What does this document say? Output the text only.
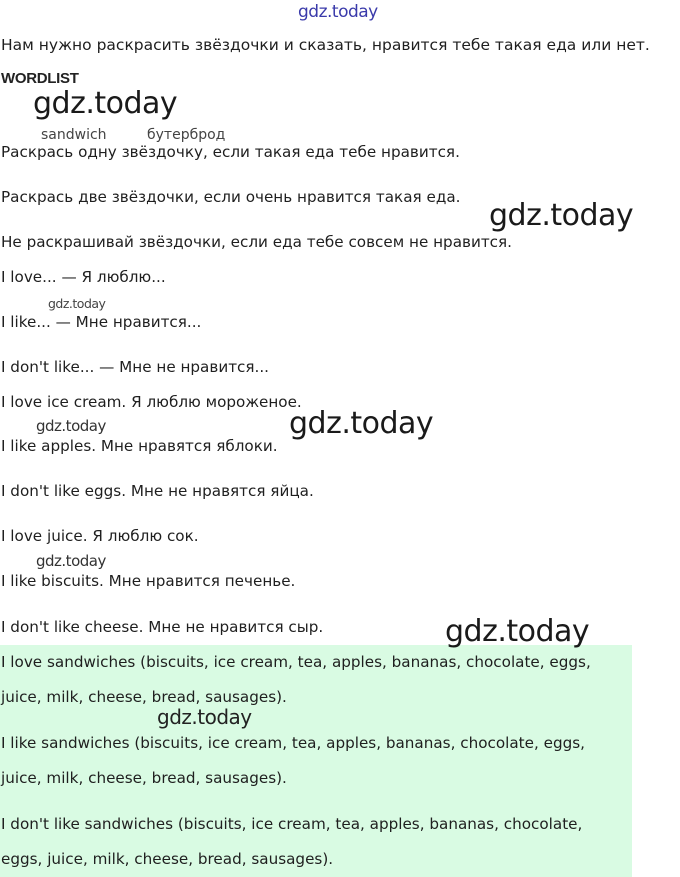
gdz.today

Нам нужно раскрасить звёздочки и сказать, нравится тебе такая еда или нет.

WORDLIST
gdz.today
sandwich	бутерброд

Раскрась одну звёздочку, если такая еда тебе нравится.

Раскрась две звёздочки, если очень нравится такая еда.

gdz.today

Не раскрашивай звёздочки, если еда тебе совсем не нравится.

I love... — Я люблю...

gdz.today

I like... — Мне нравится...

I don't like... — Мне не нравится...

I love ice cream. Я люблю мороженое.

gdz.today	gdz.today

I like apples. Мне нравятся яблоки.

I don't like eggs. Мне не нравятся яйца.

I love juice. Я люблю сок.

gdz.today

I like biscuits. Мне нравится печенье.

I don't like cheese. Мне не нравится сыр.	gdz.today

I love sandwiches (biscuits, ice cream, tea, apples, bananas, chocolate, eggs,

juice, milk, cheese, bread, sausages).

gdz.today

I like sandwiches (biscuits, ice cream, tea, apples, bananas, chocolate, eggs,

juice, milk, cheese, bread, sausages).

I don't like sandwiches (biscuits, ice cream, tea, apples, bananas, chocolate,

eggs, juice, milk, cheese, bread, sausages).
